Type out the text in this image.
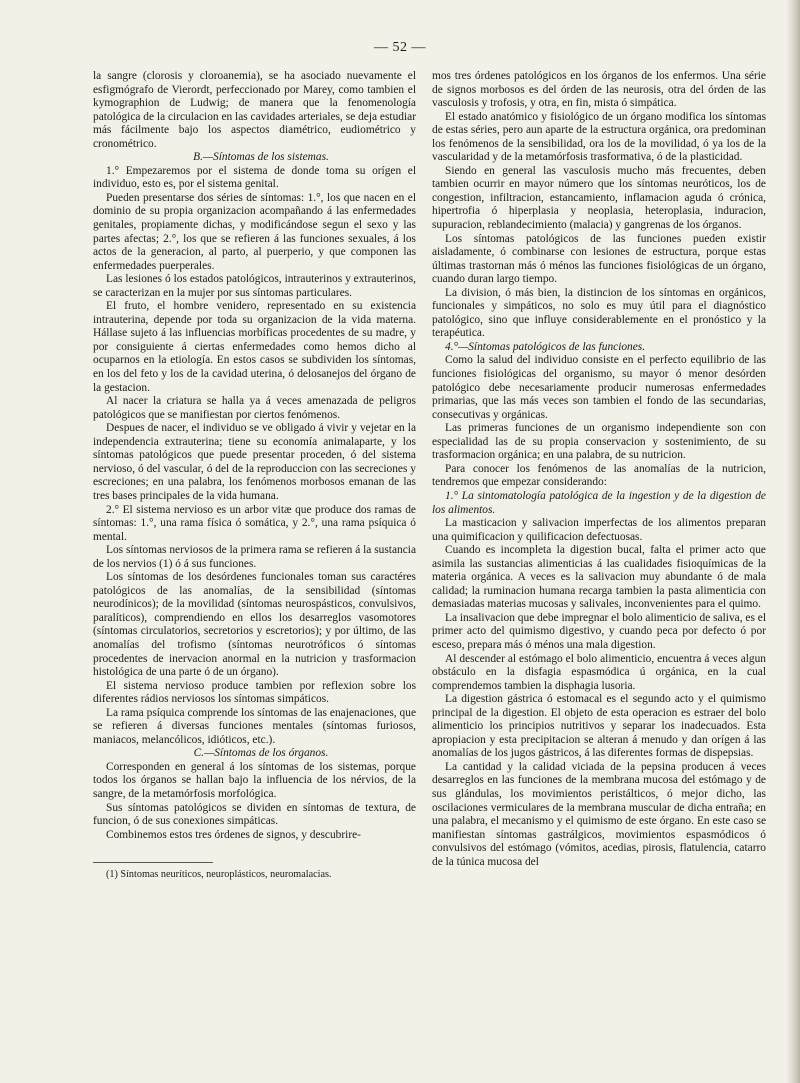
— 52 —

la sangre (clorosis y cloroanemia), se ha asociado nuevamente el esfigmógrafo de Vierordt, perfeccionado por Marey, como tambien el kymographion de Ludwig; de manera que la fenomenología patológica de la circulacion en las cavidades arteriales, se deja estudiar más fácilmente bajo los aspectos diamétrico, eudiométrico y cronométrico.

B.—Síntomas de los sistemas.

1.° Empezaremos por el sistema de donde toma su orígen el individuo, esto es, por el sistema genital.

Pueden presentarse dos séries de síntomas: 1.°, los que nacen en el dominio de su propia organizacion acompañando á las enfermedades genitales, propiamente dichas, y modificándose segun el sexo y las partes afectas; 2.°, los que se refieren á las funciones sexuales, á los actos de la generacion, al parto, al puerperio, y que componen las enfermedades puerperales.

Las lesiones ó los estados patológicos, intrauterinos y extrauterinos, se caracterizan en la mujer por sus síntomas particulares.

El fruto, el hombre venidero, representado en su existencia intrauterina, depende por toda su organizacion de la vida materna. Hállase sujeto á las influencias morbíficas procedentes de su madre, y por consiguiente á ciertas enfermedades como hemos dicho al ocuparnos en la etiología. En estos casos se subdividen los síntomas, en los del feto y los de la cavidad uterina, ó delosanejos del órgano de la gestacion.

Al nacer la criatura se halla ya á veces amenazada de peligros patológicos que se manifiestan por ciertos fenómenos.

Despues de nacer, el individuo se ve obligado á vivir y vejetar en la independencia extrauterina; tiene su economía animalaparte, y los síntomas patológicos que puede presentar proceden, ó del sistema nervioso, ó del vascular, ó del de la reproduccion con las secreciones y escreciones; en una palabra, los fenómenos morbosos emanan de las tres bases principales de la vida humana.

2.° El sistema nervioso es un arbor vitæ que produce dos ramas de síntomas: 1.°, una rama física ó somática, y 2.°, una rama psíquica ó mental.

Los síntomas nerviosos de la primera rama se refieren á la sustancia de los nervios (1) ó á sus funciones.

Los síntomas de los desórdenes funcionales toman sus caractéres patológicos de las anomalías, de la sensibilidad (síntomas neurodínicos); de la movilidad (síntomas neurospásticos, convulsivos, paralíticos), comprendiendo en ellos los desarreglos vasomotores (síntomas circulatorios, secretorios y escretorios); y por último, de las anomalías del trofismo (síntomas neurotróficos ó síntomas procedentes de inervacion anormal en la nutricion y trasformacion histológica de una parte ó de un órgano).

El sistema nervioso produce tambien por reflexion sobre los diferentes rádios nerviosos los síntomas simpáticos.

La rama psíquica comprende los síntomas de las enajenaciones, que se refieren á diversas funciones mentales (síntomas furiosos, maniacos, melancólicos, idióticos, etc.).

C.—Síntomas de los órganos.

Corresponden en general á los síntomas de los sistemas, porque todos los órganos se hallan bajo la influencia de los nérvios, de la sangre, de la metamórfosis morfológica.

Sus síntomas patológicos se dividen en síntomas de textura, de funcion, ó de sus conexiones simpáticas.

Combinemos estos tres órdenes de signos, y descubrire-

(1) Síntomas neuríticos, neuroplásticos, neuromalacias.

mos tres órdenes patológicos en los órganos de los enfermos. Una série de signos morbosos es del órden de las neurosis, otra del órden de las vasculosis y trofosis, y otra, en fin, mista ó simpática.

El estado anatómico y fisiológico de un órgano modifica los síntomas de estas séries, pero aun aparte de la estructura orgánica, ora predominan los fenómenos de la sensibilidad, ora los de la movilidad, ó ya los de la vascularidad y de la metamórfosis trasformativa, ó de la plasticidad.

Siendo en general las vasculosis mucho más frecuentes, deben tambien ocurrir en mayor número que los síntomas neuróticos, los de congestion, infiltracion, estancamiento, inflamacion aguda ó crónica, hipertrofia ó hiperplasia y neoplasia, heteroplasia, induracion, supuracion, reblandecimiento (malacia) y gangrenas de los órganos.

Los síntomas patológicos de las funciones pueden existir aisladamente, ó combinarse con lesiones de estructura, porque estas últimas trastornan más ó ménos las funciones fisiológicas de un órgano, cuando duran largo tiempo.

La division, ó más bien, la distincion de los síntomas en orgánicos, funcionales y simpáticos, no solo es muy útil para el diagnóstico patológico, sino que influye considerablemente en el pronóstico y la terapéutica.

4.°—Síntomas patológicos de las funciones.

Como la salud del individuo consiste en el perfecto equilibrio de las funciones fisiológicas del organismo, su mayor ó menor desórden patológico debe necesariamente producir numerosas enfermedades primarias, que las más veces son tambien el fondo de las secundarias, consecutivas y orgánicas.

Las primeras funciones de un organismo independiente son con especialidad las de su propia conservacion y sostenimiento, de su trasformacion orgánica; en una palabra, de su nutricion.

Para conocer los fenómenos de las anomalías de la nutricion, tendremos que empezar considerando:

1.° La sintomatología patológica de la ingestion y de la digestion de los alimentos.

La masticacion y salivacion imperfectas de los alimentos preparan una quimificacion y quilificacion defectuosas.

Cuando es incompleta la digestion bucal, falta el primer acto que asimila las sustancias alimenticias á las cualidades fisioquímicas de la materia orgánica. A veces es la salivacion muy abundante ó de mala calidad; la ruminacion humana recarga tambien la pasta alimenticia con demasiadas materias mucosas y salivales, inconvenientes para el quimo.

La insalivacion que debe impregnar el bolo alimenticio de saliva, es el primer acto del quimismo digestivo, y cuando peca por defecto ó por esceso, prepara más ó ménos una mala digestion.

Al descender al estómago el bolo alimenticio, encuentra á veces algun obstáculo en la disfagia espasmódica ú orgánica, en la cual comprendemos tambien la disphagia lusoria.

La digestion gástrica ó estomacal es el segundo acto y el quimismo principal de la digestion. El objeto de esta operacion es estraer del bolo alimenticio los principios nutritivos y separar los inadecuados. Esta apropiacion y esta precipitacion se alteran á menudo y dan orígen á las anomalías de los jugos gástricos, á las diferentes formas de dispepsias.

La cantidad y la calidad viciada de la pepsina producen á veces desarreglos en las funciones de la membrana mucosa del estómago y de sus glándulas, los movimientos peristálticos, ó mejor dicho, las oscilaciones vermiculares de la membrana muscular de dicha entraña; en una palabra, el mecanismo y el quimismo de este órgano. En este caso se manifiestan síntomas gastrálgicos, movimientos espasmódicos ó convulsivos del estómago (vómitos, acedias, pirosis, flatulencia, catarro de la túnica mucosa del
